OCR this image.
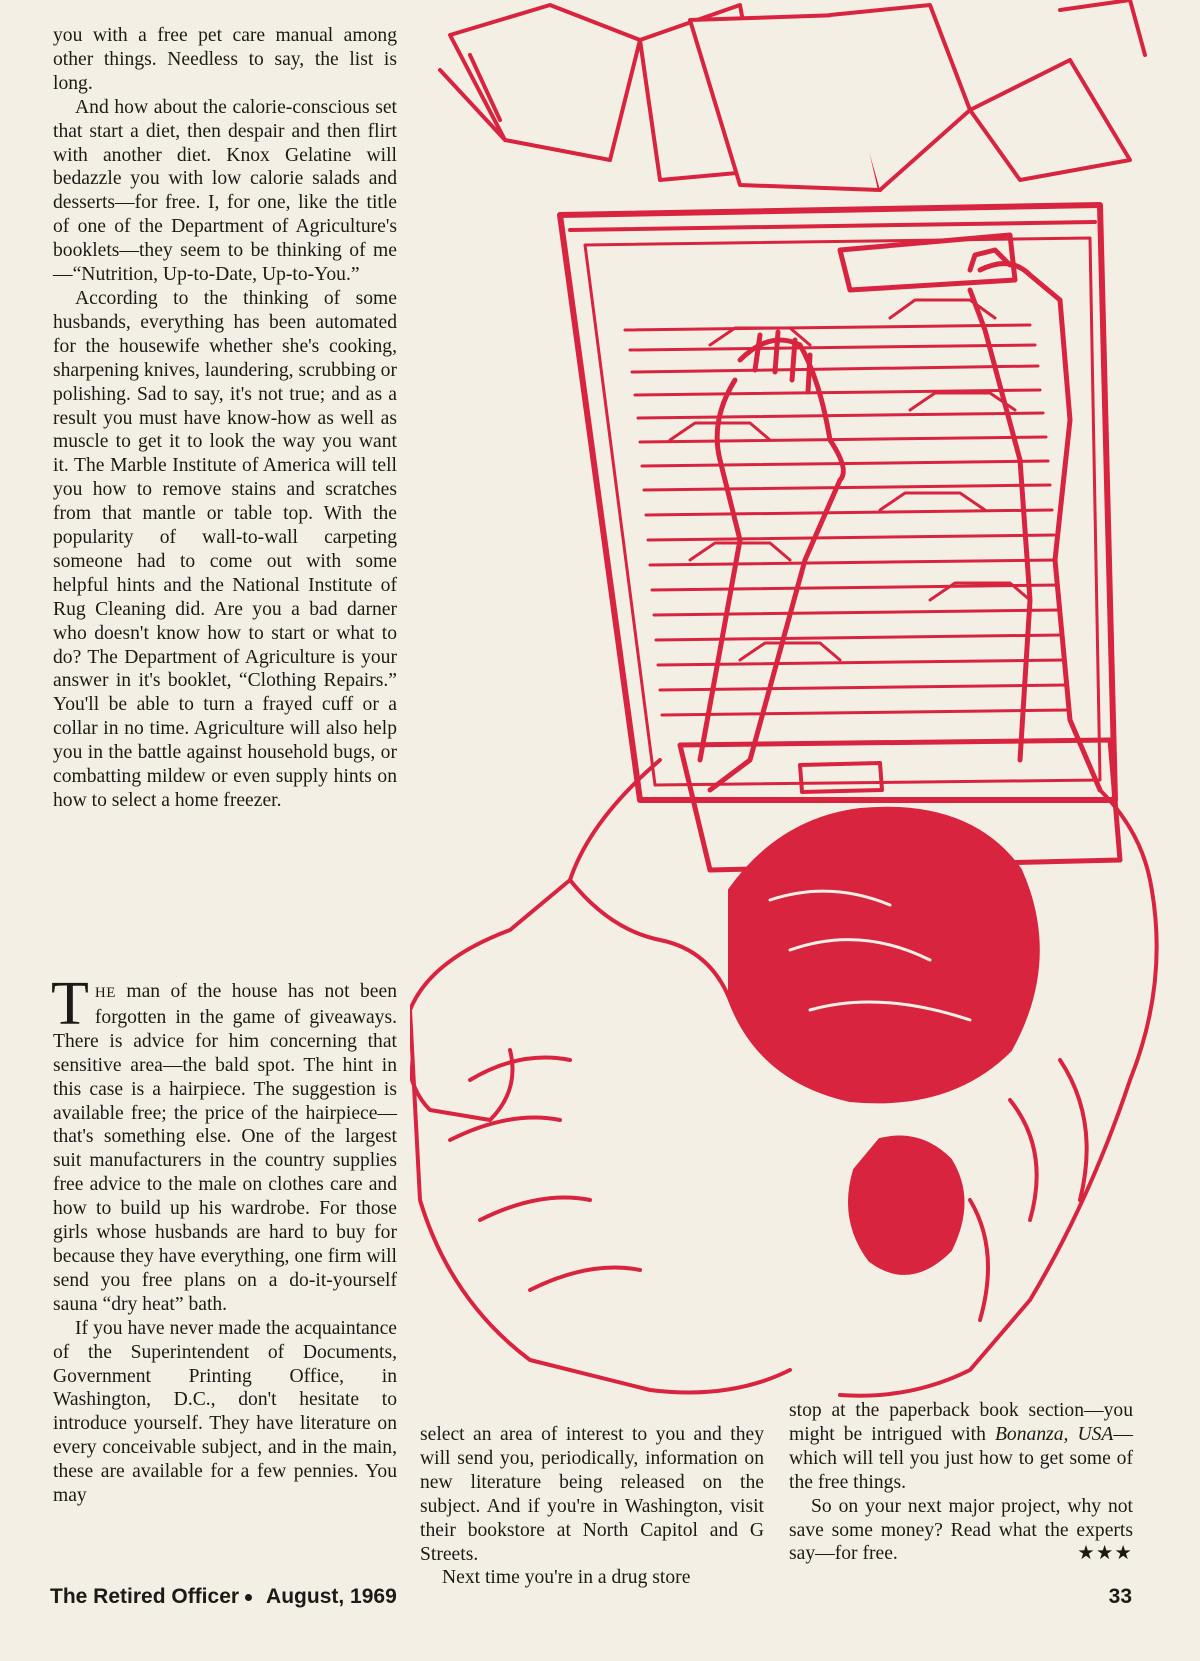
you with a free pet care manual among other things. Needless to say, the list is long.

And how about the calorie-conscious set that start a diet, then despair and then flirt with another diet. Knox Gelatine will bedazzle you with low calorie salads and desserts—for free. I, for one, like the title of one of the Department of Agriculture's booklets—they seem to be thinking of me—“Nutrition, Up-to-Date, Up-to-You.”

According to the thinking of some husbands, everything has been automated for the housewife whether she's cooking, sharpening knives, laundering, scrubbing or polishing. Sad to say, it's not true; and as a result you must have know-how as well as muscle to get it to look the way you want it. The Marble Institute of America will tell you how to remove stains and scratches from that mantle or table top. With the popularity of wall-to-wall carpeting someone had to come out with some helpful hints and the National Institute of Rug Cleaning did. Are you a bad darner who doesn't know how to start or what to do? The Department of Agriculture is your answer in it's booklet, “Clothing Repairs.” You'll be able to turn a frayed cuff or a collar in no time. Agriculture will also help you in the battle against household bugs, or combatting mildew or even supply hints on how to select a home freezer.

THE man of the house has not been forgotten in the game of giveaways. There is advice for him concerning that sensitive area—the bald spot. The hint in this case is a hairpiece. The suggestion is available free; the price of the hairpiece—that's something else. One of the largest suit manufacturers in the country supplies free advice to the male on clothes care and how to build up his wardrobe. For those girls whose husbands are hard to buy for because they have everything, one firm will send you free plans on a do-it-yourself sauna “dry heat” bath.

If you have never made the acquaintance of the Superintendent of Documents, Government Printing Office, in Washington, D.C., don't hesitate to introduce yourself. They have literature on every conceivable subject, and in the main, these are available for a few pennies. You may

select an area of interest to you and they will send you, periodically, information on new literature being released on the subject. And if you're in Washington, visit their bookstore at North Capitol and G Streets.

Next time you're in a drug store

stop at the paperback book section—you might be intrigued with Bonanza, USA—which will tell you just how to get some of the free things.

So on your next major project, why not save some money? Read what the experts say—for free.	★★★

The Retired Officer August, 1969	33
